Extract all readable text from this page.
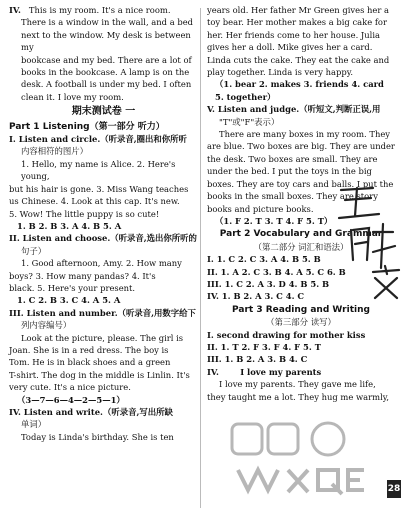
IV. This is my room. It's a nice room.

There is a window in the wall, and a bed

next to the window. My desk is between my

bookcase and my bed. There are a lot of

books in the bookcase. A lamp is on the

desk. A football is under my bed. I often

clean it. I love my room.

期末测试卷 一

Part 1 Listening（第一部分 听力）

I. Listen and circle.（听录音,圈出和你所听

内容相符的图片）

1. Hello, my name is Alice. 2. Here's young,

but his hair is gone. 3. Miss Wang teaches

us Chinese. 4. Look at this cap. It's new.

5. Wow! The little puppy is so cute!

1. B 2. B 3. A 4. B 5. A

II. Listen and choose.（听录音,选出你所听的

句子）

1. Good afternoon, Amy. 2. How many

boys? 3. How many pandas? 4. It's

black. 5. Here's your present.

1. C 2. B 3. C 4. A 5. A

III. Listen and number.（听录音,用数字给下

列内容编号）

Look at the picture, please. The girl is

Joan. She is in a red dress. The boy is

Tom. He is in black shoes and a green

T-shirt. The dog in the middle is Linlin. It's

very cute. It's a nice picture.

（3—7—6—4—2—5—1）

IV. Listen and write.（听录音,写出所缺

单词）

Today is Linda's birthday. She is ten

years old. Her father Mr Green gives her a

toy bear. Her mother makes a big cake for

her. Her friends come to her house. Julia

gives her a doll. Mike gives her a card.

Linda cuts the cake. They eat the cake and

play together. Linda is very happy.

（1. bear 2. makes 3. friends 4. card

5. together）

V. Listen and judge.（听短文,判断正误,用

"T"或"F"表示）

There are many boxes in my room. They

are blue. Two boxes are big. They are under

the desk. Two boxes are small. They are

under the bed. I put the toys in the big

boxes. They are toy cars and balls. I put the

books in the small boxes. They are story

books and picture books.

（1. F 2. T 3. T 4. F 5. T）

Part 2 Vocabulary and Grammar

（第二部分 词汇和语法）

I. 1. C 2. C 3. A 4. B 5. B

II. 1. A 2. C 3. B 4. A 5. C 6. B

III. 1. C 2. A 3. D 4. B 5. B

IV. 1. B 2. A 3. C 4. C

Part 3 Reading and Writing

（第三部分 读写）

I. second drawing for mother kiss

II. 1. T 2. F 3. F 4. F 5. T

III. 1. B 2. A 3. B 4. C

IV.	I love my parents

I love my parents. They gave me life,

they taught me a lot. They hug me warmly,

28
